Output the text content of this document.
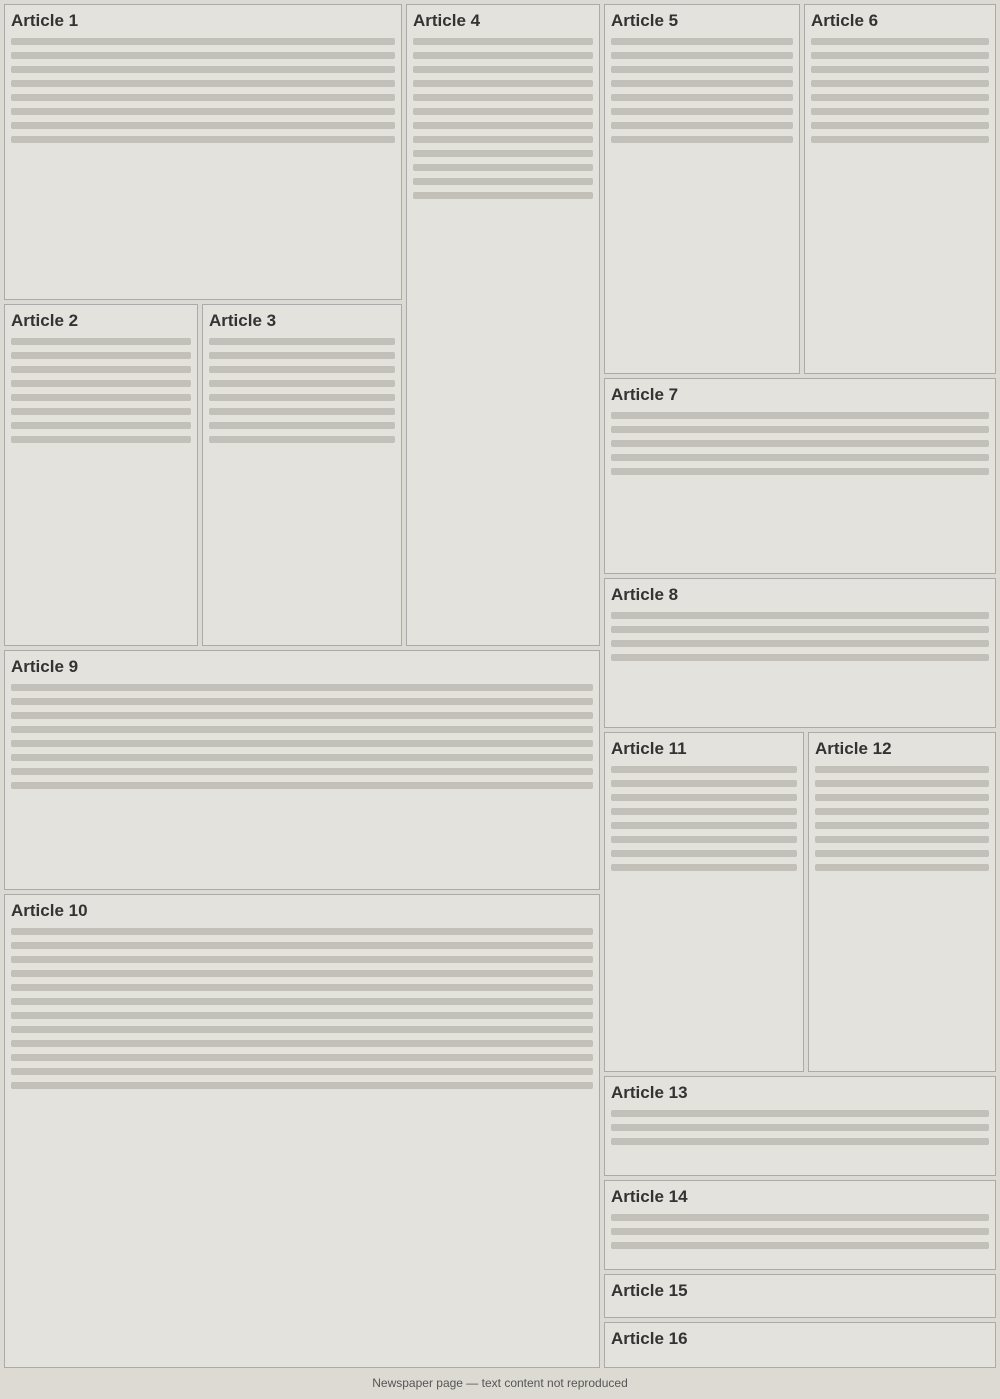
Article 1
Article 2	Article 3
Article 4	Article 5	Article 6
Article 7
Article 8
Article 9
Article 10
Article 11	Article 12
Article 13
Article 14
Article 15
Article 16
Newspaper page — text content not reproduced
